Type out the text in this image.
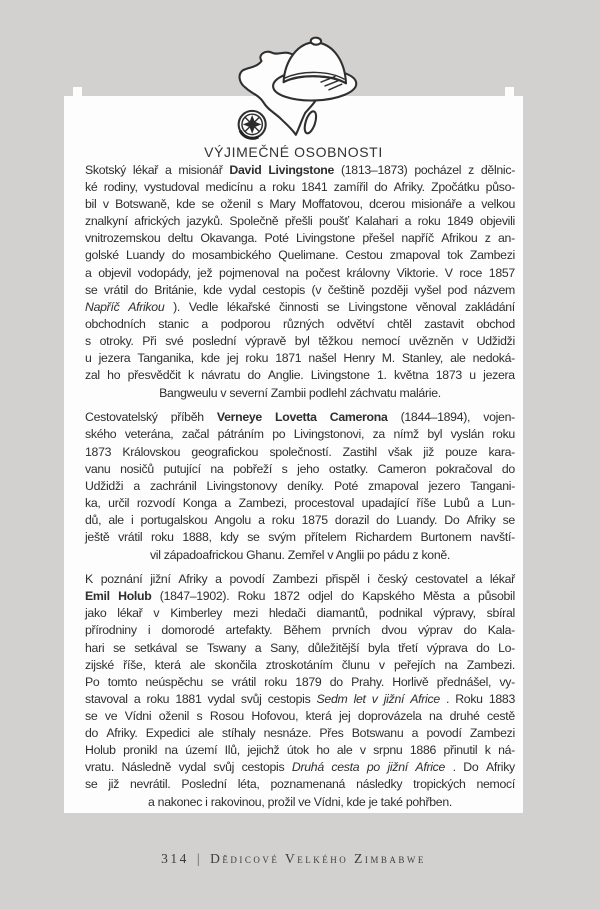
VÝJIMEČNÉ OSOBNOSTI
Skotský lékař a misionář David Livingstone (1813–1873) pocházel z dělnic-
ké rodiny, vystudoval medicínu a roku 1841 zamířil do Afriky. Zpočátku půso-
bil v Botswaně, kde se oženil s Mary Moffatovou, dcerou misionáře a velkou
znalkyní afrických jazyků. Společně přešli poušť Kalahari a roku 1849 objevili
vnitrozemskou deltu Okavanga. Poté Livingstone přešel napříč Afrikou z an-
golské Luandy do mosambického Quelimane. Cestou zmapoval tok Zambezi
a objevil vodopády, jež pojmenoval na počest královny Viktorie. V roce 1857
se vrátil do Británie, kde vydal cestopis (v češtině později vyšel pod názvem
Napříč Afrikou ). Vedle lékařské činnosti se Livingstone věnoval zakládání
obchodních stanic a podporou různých odvětví chtěl zastavit obchod
s otroky. Při své poslední výpravě byl těžkou nemocí uvězněn v Udžidži
u jezera Tanganika, kde jej roku 1871 našel Henry M. Stanley, ale nedoká-
zal ho přesvědčit k návratu do Anglie. Livingstone 1. května 1873 u jezera
Bangweulu v severní Zambii podlehl záchvatu malárie.
Cestovatelský příběh Verneye Lovetta Camerona (1844–1894), vojen-
ského veterána, začal pátráním po Livingstonovi, za nímž byl vyslán roku
1873 Královskou geografickou společností. Zastihl však již pouze kara-
vanu nosičů putující na pobřeží s jeho ostatky. Cameron pokračoval do
Udžidži a zachránil Livingstonovy deníky. Poté zmapoval jezero Tangani-
ka, určil rozvodí Konga a Zambezi, procestoval upadající říše Lubů a Lun-
dů, ale i portugalskou Angolu a roku 1875 dorazil do Luandy. Do Afriky se
ještě vrátil roku 1888, kdy se svým přítelem Richardem Burtonem navští-
vil západoafrickou Ghanu. Zemřel v Anglii po pádu z koně.
K poznání jižní Afriky a povodí Zambezi přispěl i český cestovatel a lékař
Emil Holub (1847–1902). Roku 1872 odjel do Kapského Města a působil
jako lékař v Kimberley mezi hledači diamantů, podnikal výpravy, sbíral
přírodniny i domorodé artefakty. Během prvních dvou výprav do Kala-
hari se setkával se Tswany a Sany, důležitější byla třetí výprava do Lo-
zijské říše, která ale skončila ztroskotáním člunu v peřejích na Zambezi.
Po tomto neúspěchu se vrátil roku 1879 do Prahy. Horlivě přednášel, vy-
stavoval a roku 1881 vydal svůj cestopis Sedm let v jižní Africe . Roku 1883
se ve Vídni oženil s Rosou Hofovou, která jej doprovázela na druhé cestě
do Afriky. Expedici ale stíhaly nesnáze. Přes Botswanu a povodí Zambezi
Holub pronikl na území Ilů, jejichž útok ho ale v srpnu 1886 přinutil k ná-
vratu. Následně vydal svůj cestopis Druhá cesta po jižní Africe . Do Afriky
se již nevrátil. Poslední léta, poznamenaná následky tropických nemocí
a nakonec i rakovinou, prožil ve Vídni, kde je také pohřben.
314 | Dědicové Velkého Zimbabwe
